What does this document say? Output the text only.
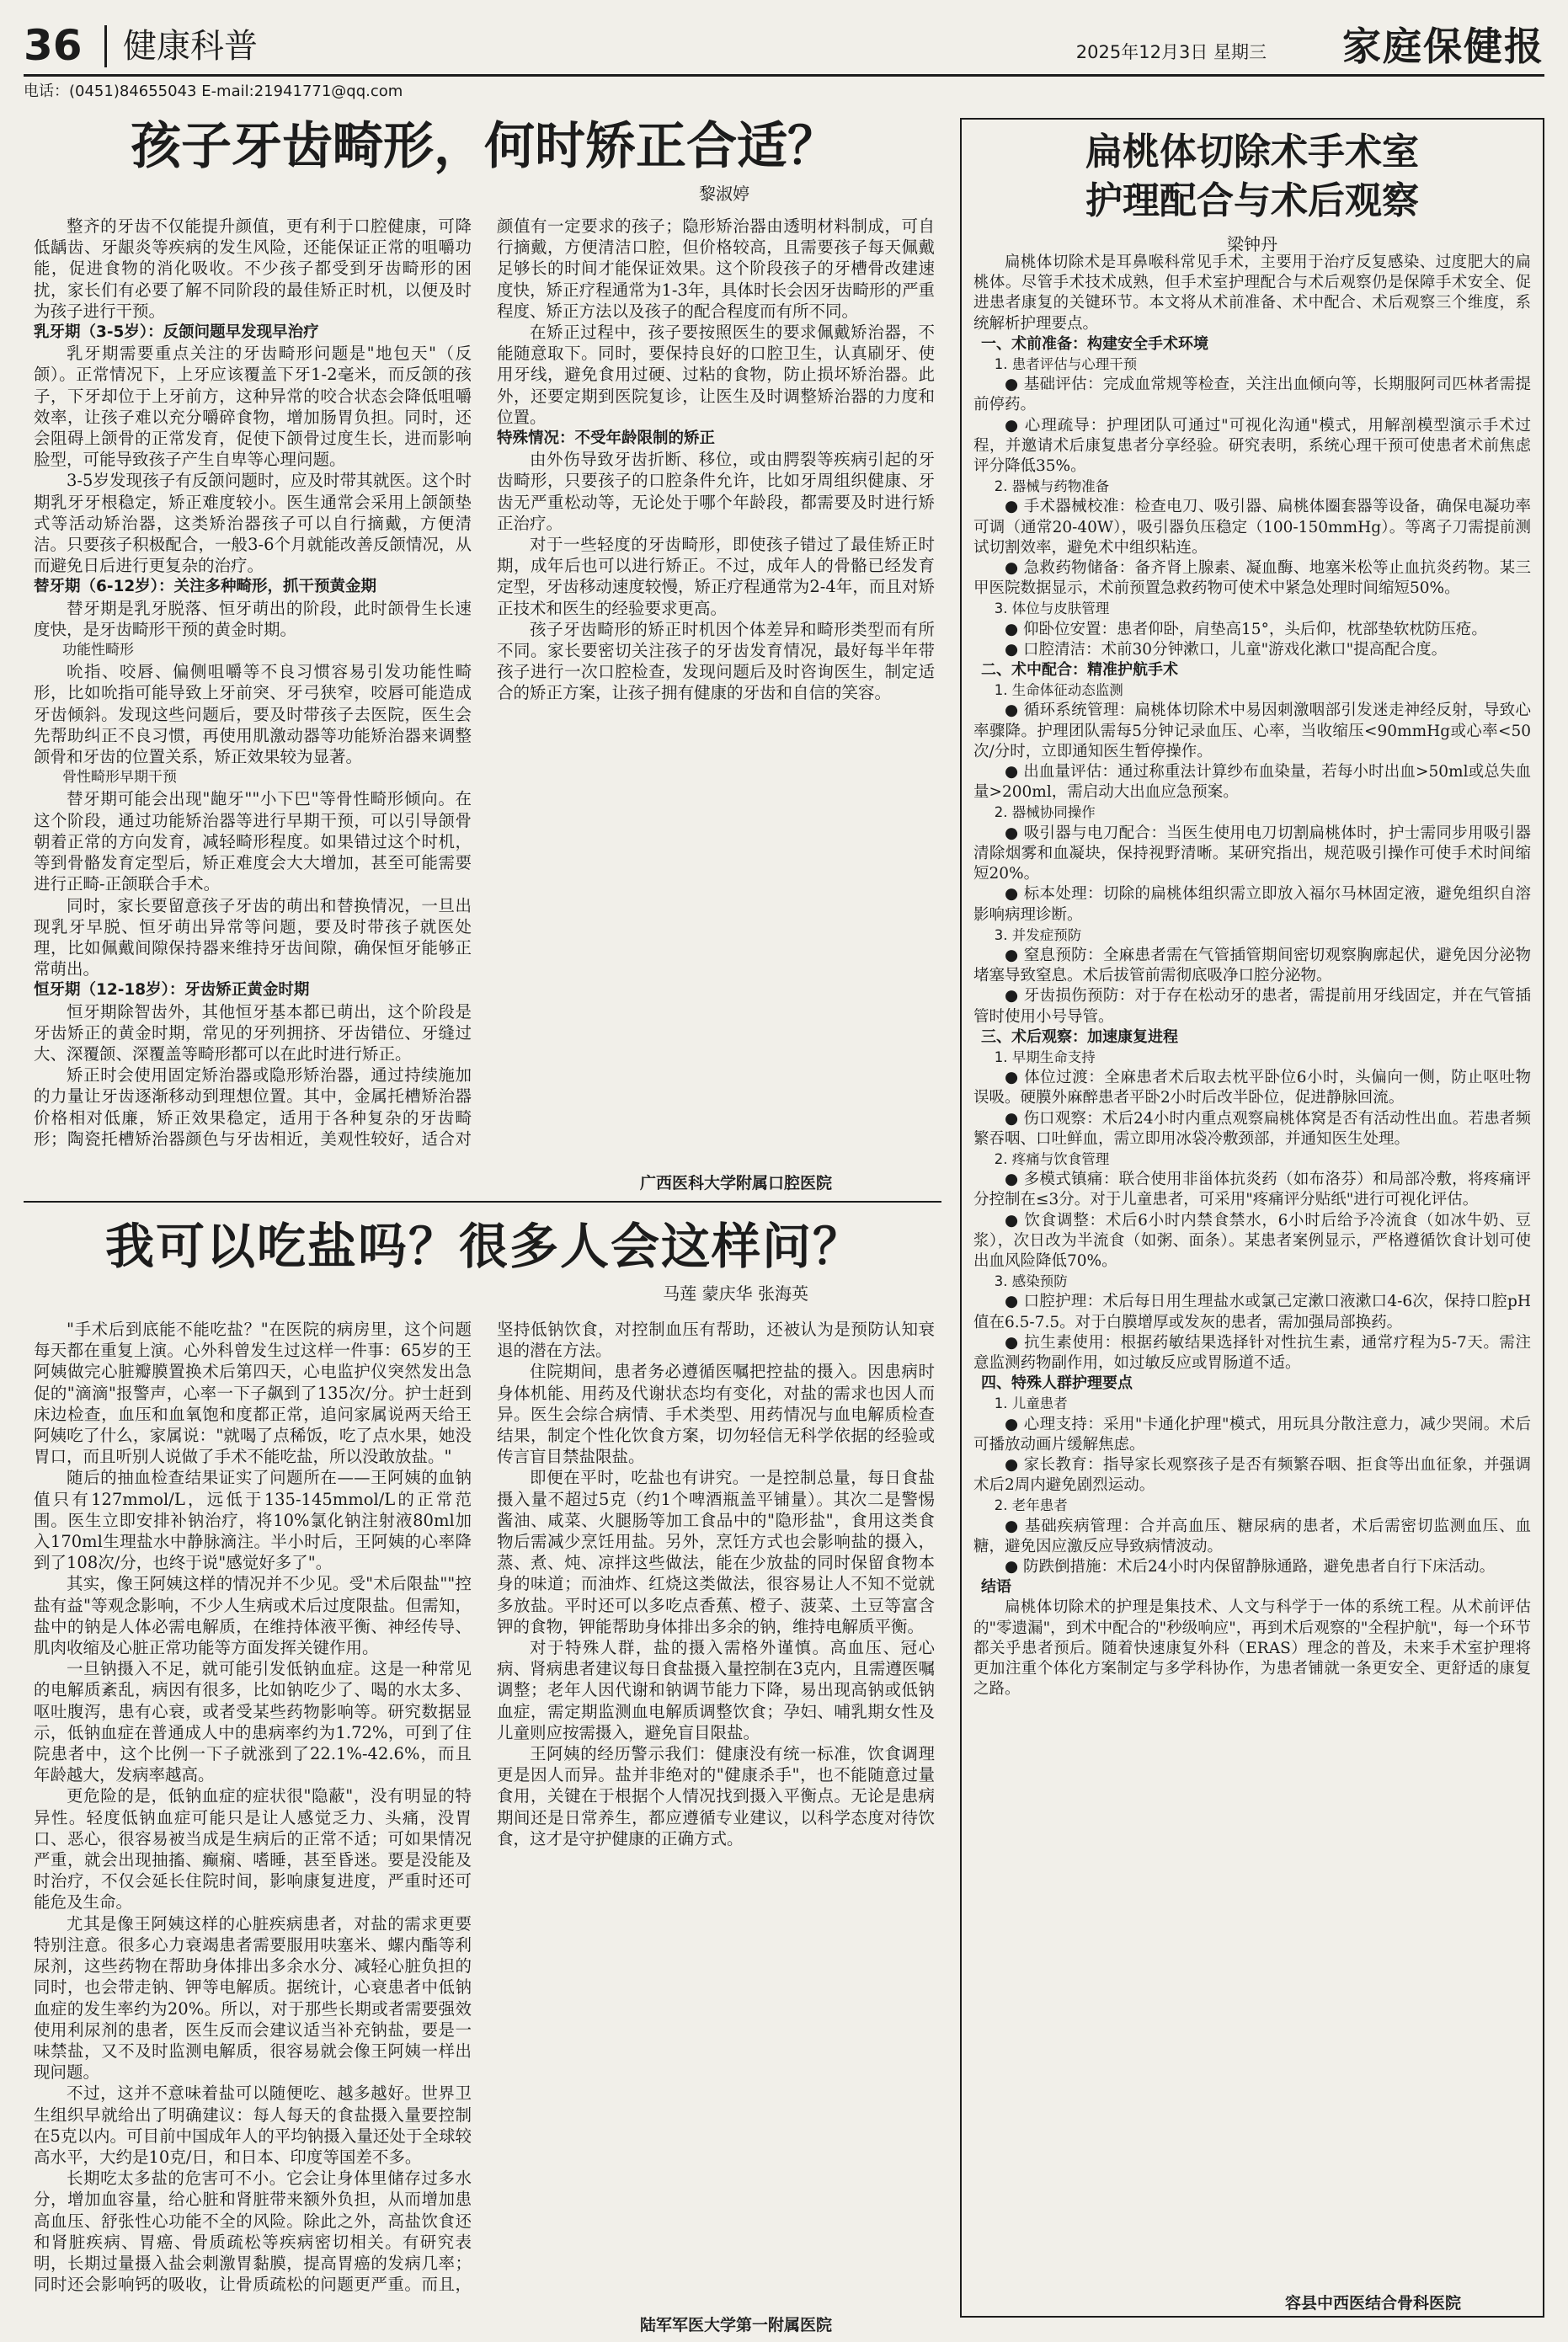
36 健康科普	2025年12月3日 星期三 家庭保健报
电话：(0451)84655043 E-mail:21941771@qq.com
孩子牙齿畸形，何时矫正合适？
黎淑婷

整齐的牙齿不仅能提升颜值，更有利于口腔健康，可降低龋齿、牙龈炎等疾病的发生风险，还能保证正常的咀嚼功能，促进食物的消化吸收。不少孩子都受到牙齿畸形的困扰，家长们有必要了解不同阶段的最佳矫正时机，以便及时为孩子进行干预。

乳牙期（3-5岁）：反颌问题早发现早治疗

乳牙期需要重点关注的牙齿畸形问题是"地包天"（反颌）。正常情况下，上牙应该覆盖下牙1-2毫米，而反颌的孩子，下牙却位于上牙前方，这种异常的咬合状态会降低咀嚼效率，让孩子难以充分嚼碎食物，增加肠胃负担。同时，还会阻碍上颌骨的正常发育，促使下颌骨过度生长，进而影响脸型，可能导致孩子产生自卑等心理问题。

3-5岁发现孩子有反颌问题时，应及时带其就医。这个时期乳牙牙根稳定，矫正难度较小。医生通常会采用上颌颌垫式等活动矫治器，这类矫治器孩子可以自行摘戴，方便清洁。只要孩子积极配合，一般3-6个月就能改善反颌情况，从而避免日后进行更复杂的治疗。

替牙期（6-12岁）：关注多种畸形，抓干预黄金期

替牙期是乳牙脱落、恒牙萌出的阶段，此时颌骨生长速度快，是牙齿畸形干预的黄金时期。

功能性畸形

吮指、咬唇、偏侧咀嚼等不良习惯容易引发功能性畸形，比如吮指可能导致上牙前突、牙弓狭窄，咬唇可能造成牙齿倾斜。发现这些问题后，要及时带孩子去医院，医生会先帮助纠正不良习惯，再使用肌激动器等功能矫治器来调整颌骨和牙齿的位置关系，矫正效果较为显著。

骨性畸形早期干预

替牙期可能会出现"龅牙""小下巴"等骨性畸形倾向。在这个阶段，通过功能矫治器等进行早期干预，可以引导颌骨朝着正常的方向发育，减轻畸形程度。如果错过这个时机，等到骨骼发育定型后，矫正难度会大大增加，甚至可能需要进行正畸-正颌联合手术。

同时，家长要留意孩子牙齿的萌出和替换情况，一旦出现乳牙早脱、恒牙萌出异常等问题，要及时带孩子就医处理，比如佩戴间隙保持器来维持牙齿间隙，确保恒牙能够正常萌出。

恒牙期（12-18岁）：牙齿矫正黄金时期

恒牙期除智齿外，其他恒牙基本都已萌出，这个阶段是牙齿矫正的黄金时期，常见的牙列拥挤、牙齿错位、牙缝过大、深覆颌、深覆盖等畸形都可以在此时进行矫正。

矫正时会使用固定矫治器或隐形矫治器，通过持续施加的力量让牙齿逐渐移动到理想位置。其中，金属托槽矫治器价格相对低廉，矫正效果稳定，适用于各种复杂的牙齿畸形；陶瓷托槽矫治器颜色与牙齿相近，美观性较好，适合对颜值有一定要求的孩子；隐形矫治器由透明材料制成，可自行摘戴，方便清洁口腔，但价格较高，且需要孩子每天佩戴足够长的时间才能保证效果。这个阶段孩子的牙槽骨改建速度快，矫正疗程通常为1-3年，具体时长会因牙齿畸形的严重程度、矫正方法以及孩子的配合程度而有所不同。

在矫正过程中，孩子要按照医生的要求佩戴矫治器，不能随意取下。同时，要保持良好的口腔卫生，认真刷牙、使用牙线，避免食用过硬、过粘的食物，防止损坏矫治器。此外，还要定期到医院复诊，让医生及时调整矫治器的力度和位置。

特殊情况：不受年龄限制的矫正

由外伤导致牙齿折断、移位，或由腭裂等疾病引起的牙齿畸形，只要孩子的口腔条件允许，比如牙周组织健康、牙齿无严重松动等，无论处于哪个年龄段，都需要及时进行矫正治疗。

对于一些轻度的牙齿畸形，即使孩子错过了最佳矫正时期，成年后也可以进行矫正。不过，成年人的骨骼已经发育定型，牙齿移动速度较慢，矫正疗程通常为2-4年，而且对矫正技术和医生的经验要求更高。

孩子牙齿畸形的矫正时机因个体差异和畸形类型而有所不同。家长要密切关注孩子的牙齿发育情况，最好每半年带孩子进行一次口腔检查，发现问题后及时咨询医生，制定适合的矫正方案，让孩子拥有健康的牙齿和自信的笑容。

广西医科大学附属口腔医院
我可以吃盐吗？很多人会这样问？
马莲 蒙庆华 张海英

"手术后到底能不能吃盐？"在医院的病房里，这个问题每天都在重复上演。心外科曾发生过这样一件事：65岁的王阿姨做完心脏瓣膜置换术后第四天，心电监护仪突然发出急促的"滴滴"报警声，心率一下子飙到了135次/分。护士赶到床边检查，血压和血氧饱和度都正常，追问家属说两天给王阿姨吃了什么，家属说："就喝了点稀饭，吃了点水果，她没胃口，而且听别人说做了手术不能吃盐，所以没敢放盐。"

随后的抽血检查结果证实了问题所在——王阿姨的血钠值只有127mmol/L，远低于135-145mmol/L的正常范围。医生立即安排补钠治疗，将10%氯化钠注射液80ml加入170ml生理盐水中静脉滴注。半小时后，王阿姨的心率降到了108次/分，也终于说"感觉好多了"。

其实，像王阿姨这样的情况并不少见。受"术后限盐""控盐有益"等观念影响，不少人生病或术后过度限盐。但需知，盐中的钠是人体必需电解质，在维持体液平衡、神经传导、肌肉收缩及心脏正常功能等方面发挥关键作用。

一旦钠摄入不足，就可能引发低钠血症。这是一种常见的电解质紊乱，病因有很多，比如钠吃少了、喝的水太多、呕吐腹泻，患有心衰，或者受某些药物影响等。研究数据显示，低钠血症在普通成人中的患病率约为1.72%，可到了住院患者中，这个比例一下子就涨到了22.1%-42.6%，而且年龄越大，发病率越高。

更危险的是，低钠血症的症状很"隐蔽"，没有明显的特异性。轻度低钠血症可能只是让人感觉乏力、头痛，没胃口、恶心，很容易被当成是生病后的正常不适；可如果情况严重，就会出现抽搐、癫痫、嗜睡，甚至昏迷。要是没能及时治疗，不仅会延长住院时间，影响康复进度，严重时还可能危及生命。

尤其是像王阿姨这样的心脏疾病患者，对盐的需求更要特别注意。很多心力衰竭患者需要服用呋塞米、螺内酯等利尿剂，这些药物在帮助身体排出多余水分、减轻心脏负担的同时，也会带走钠、钾等电解质。据统计，心衰患者中低钠血症的发生率约为20%。所以，对于那些长期或者需要强效使用利尿剂的患者，医生反而会建议适当补充钠盐，要是一味禁盐，又不及时监测电解质，很容易就会像王阿姨一样出现问题。

不过，这并不意味着盐可以随便吃、越多越好。世界卫生组织早就给出了明确建议：每人每天的食盐摄入量要控制在5克以内。可目前中国成年人的平均钠摄入量还处于全球较高水平，大约是10克/日，和日本、印度等国差不多。

长期吃太多盐的危害可不小。它会让身体里储存过多水分，增加血容量，给心脏和肾脏带来额外负担，从而增加患高血压、舒张性心功能不全的风险。除此之外，高盐饮食还和肾脏疾病、胃癌、骨质疏松等疾病密切相关。有研究表明，长期过量摄入盐会刺激胃黏膜，提高胃癌的发病几率；同时还会影响钙的吸收，让骨质疏松的问题更严重。而且，坚持低钠饮食，对控制血压有帮助，还被认为是预防认知衰退的潜在方法。

住院期间，患者务必遵循医嘱把控盐的摄入。因患病时身体机能、用药及代谢状态均有变化，对盐的需求也因人而异。医生会综合病情、手术类型、用药情况与血电解质检查结果，制定个性化饮食方案，切勿轻信无科学依据的经验或传言盲目禁盐限盐。

即便在平时，吃盐也有讲究。一是控制总量，每日食盐摄入量不超过5克（约1个啤酒瓶盖平铺量）。其次二是警惕酱油、咸菜、火腿肠等加工食品中的"隐形盐"，食用这类食物后需减少烹饪用盐。另外，烹饪方式也会影响盐的摄入，蒸、煮、炖、凉拌这些做法，能在少放盐的同时保留食物本身的味道；而油炸、红烧这类做法，很容易让人不知不觉就多放盐。平时还可以多吃点香蕉、橙子、菠菜、土豆等富含钾的食物，钾能帮助身体排出多余的钠，维持电解质平衡。

对于特殊人群，盐的摄入需格外谨慎。高血压、冠心病、肾病患者建议每日食盐摄入量控制在3克内，且需遵医嘱调整；老年人因代谢和钠调节能力下降，易出现高钠或低钠血症，需定期监测血电解质调整饮食；孕妇、哺乳期女性及儿童则应按需摄入，避免盲目限盐。

王阿姨的经历警示我们：健康没有统一标准，饮食调理更是因人而异。盐并非绝对的"健康杀手"，也不能随意过量食用，关键在于根据个人情况找到摄入平衡点。无论是患病期间还是日常养生，都应遵循专业建议，以科学态度对待饮食，这才是守护健康的正确方式。

陆军军医大学第一附属医院
扁桃体切除术手术室
护理配合与术后观察
梁钟丹

扁桃体切除术是耳鼻喉科常见手术，主要用于治疗反复感染、过度肥大的扁桃体。尽管手术技术成熟，但手术室护理配合与术后观察仍是保障手术安全、促进患者康复的关键环节。本文将从术前准备、术中配合、术后观察三个维度，系统解析护理要点。

一、术前准备：构建安全手术环境

1. 患者评估与心理干预

● 基础评估：完成血常规等检查，关注出血倾向等，长期服阿司匹林者需提前停药。

● 心理疏导：护理团队可通过"可视化沟通"模式，用解剖模型演示手术过程，并邀请术后康复患者分享经验。研究表明，系统心理干预可使患者术前焦虑评分降低35%。

2. 器械与药物准备

● 手术器械校准：检查电刀、吸引器、扁桃体圈套器等设备，确保电凝功率可调（通常20-40W），吸引器负压稳定（100-150mmHg）。等离子刀需提前测试切割效率，避免术中组织粘连。

● 急救药物储备：备齐肾上腺素、凝血酶、地塞米松等止血抗炎药物。某三甲医院数据显示，术前预置急救药物可使术中紧急处理时间缩短50%。

3. 体位与皮肤管理

● 仰卧位安置：患者仰卧，肩垫高15°，头后仰，枕部垫软枕防压疮。

● 口腔清洁：术前30分钟漱口，儿童"游戏化漱口"提高配合度。

二、术中配合：精准护航手术

1. 生命体征动态监测

● 循环系统管理：扁桃体切除术中易因刺激咽部引发迷走神经反射，导致心率骤降。护理团队需每5分钟记录血压、心率，当收缩压<90mmHg或心率<50次/分时，立即通知医生暂停操作。

● 出血量评估：通过称重法计算纱布血染量，若每小时出血>50ml或总失血量>200ml，需启动大出血应急预案。

2. 器械协同操作

● 吸引器与电刀配合：当医生使用电刀切割扁桃体时，护士需同步用吸引器清除烟雾和血凝块，保持视野清晰。某研究指出，规范吸引操作可使手术时间缩短20%。

● 标本处理：切除的扁桃体组织需立即放入福尔马林固定液，避免组织自溶影响病理诊断。

3. 并发症预防

● 窒息预防：全麻患者需在气管插管期间密切观察胸廓起伏，避免因分泌物堵塞导致窒息。术后拔管前需彻底吸净口腔分泌物。

● 牙齿损伤预防：对于存在松动牙的患者，需提前用牙线固定，并在气管插管时使用小号导管。

三、术后观察：加速康复进程

1. 早期生命支持

● 体位过渡：全麻患者术后取去枕平卧位6小时，头偏向一侧，防止呕吐物误吸。硬膜外麻醉患者平卧2小时后改半卧位，促进静脉回流。

● 伤口观察：术后24小时内重点观察扁桃体窝是否有活动性出血。若患者频繁吞咽、口吐鲜血，需立即用冰袋冷敷颈部，并通知医生处理。

2. 疼痛与饮食管理

● 多模式镇痛：联合使用非甾体抗炎药（如布洛芬）和局部冷敷，将疼痛评分控制在≤3分。对于儿童患者，可采用"疼痛评分贴纸"进行可视化评估。

● 饮食调整：术后6小时内禁食禁水，6小时后给予冷流食（如冰牛奶、豆浆），次日改为半流食（如粥、面条）。某患者案例显示，严格遵循饮食计划可使出血风险降低70%。

3. 感染预防

● 口腔护理：术后每日用生理盐水或氯己定漱口液漱口4-6次，保持口腔pH值在6.5-7.5。对于白膜增厚或发灰的患者，需加强局部换药。

● 抗生素使用：根据药敏结果选择针对性抗生素，通常疗程为5-7天。需注意监测药物副作用，如过敏反应或胃肠道不适。

四、特殊人群护理要点

1. 儿童患者

● 心理支持：采用"卡通化护理"模式，用玩具分散注意力，减少哭闹。术后可播放动画片缓解焦虑。

● 家长教育：指导家长观察孩子是否有频繁吞咽、拒食等出血征象，并强调术后2周内避免剧烈运动。

2. 老年患者

● 基础疾病管理：合并高血压、糖尿病的患者，术后需密切监测血压、血糖，避免因应激反应导致病情波动。

● 防跌倒措施：术后24小时内保留静脉通路，避免患者自行下床活动。

结语

扁桃体切除术的护理是集技术、人文与科学于一体的系统工程。从术前评估的"零遗漏"，到术中配合的"秒级响应"，再到术后观察的"全程护航"，每一个环节都关乎患者预后。随着快速康复外科（ERAS）理念的普及，未来手术室护理将更加注重个体化方案制定与多学科协作，为患者铺就一条更安全、更舒适的康复之路。

容县中西医结合骨科医院
